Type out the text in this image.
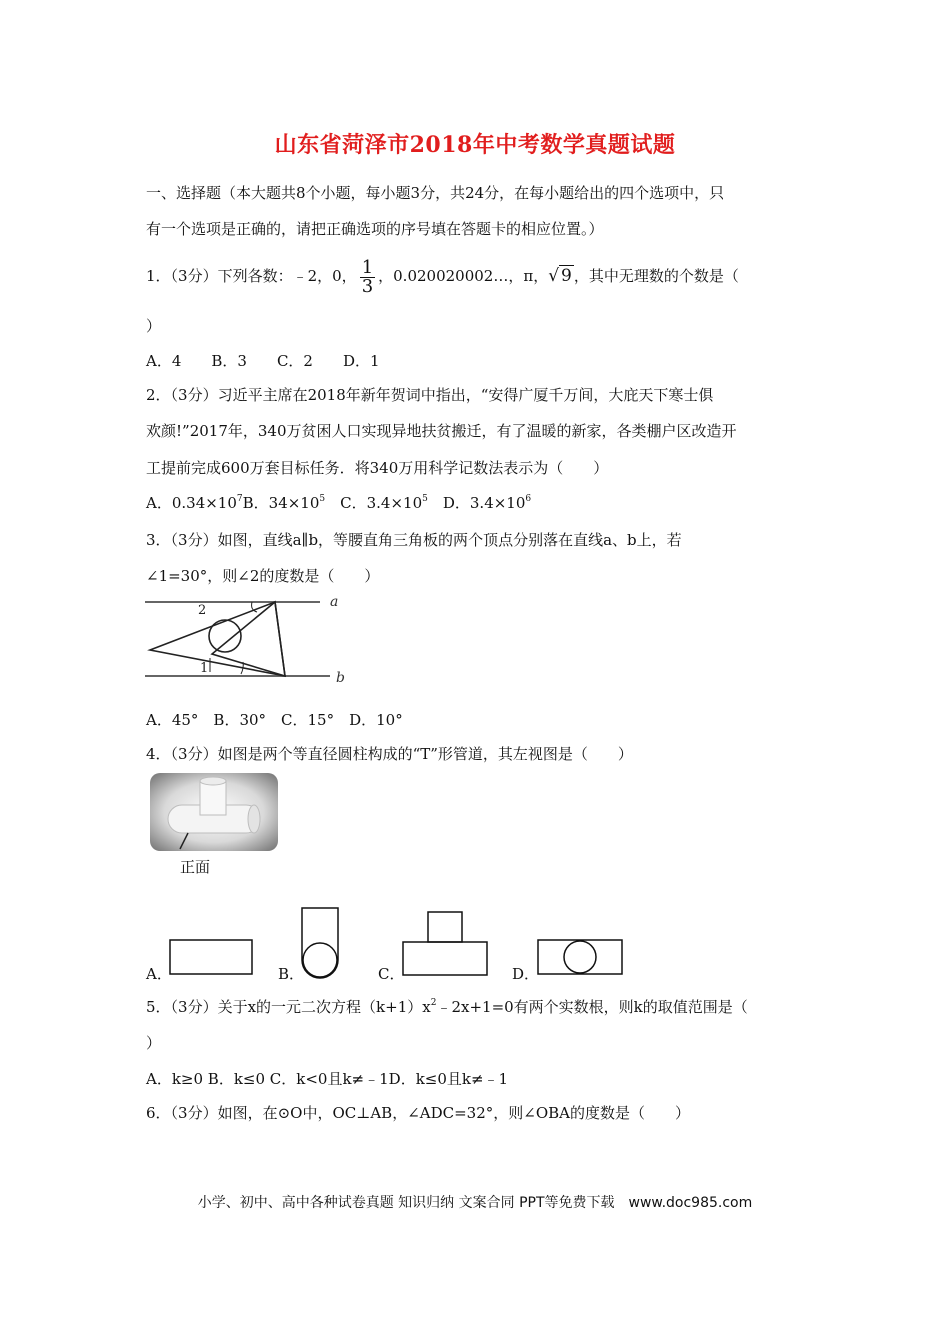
山东省菏泽市2018年中考数学真题试题
一、选择题（本大题共8个小题，每小题3分，共24分，在每小题给出的四个选项中，只
有一个选项是正确的，请把正确选项的序号填在答题卡的相应位置。）
1．（3分）下列各数：﹣2，0， $\frac{1}{3}$ ，0.020020002…，π，√ 9 ，其中无理数的个数是（
）
A．4　　B．3　　C．2　　D．1
2．（3分）习近平主席在2018年新年贺词中指出，“安得广厦千万间，大庇天下寒士俱
欢颜!”2017年，340万贫困人口实现异地扶贫搬迁，有了温暖的新家，各类棚户区改造开
工提前完成600万套目标任务．将340万用科学记数法表示为（　　）
A．$0.34\times 10^7B$．$34\times 10^5$　C．$3.4\times 10^5$　D．$3.4\times 10^6$
3．（3分）如图，直线a∥b，等腰直角三角板的两个顶点分别落在直线a、b上，若
∠1=30°，则∠2的度数是（　　）
a
b
2
1
A．45°　B．30°　C．15°　D．10°
4．（3分）如图是两个等直径圆柱构成的“T”形管道，其左视图是（　　）
正面
A．	B．	C．	D．
5．（3分）关于x的一元二次方程$(k+1)x^2﹣2x+1=0$有两个实数根，则k的取值范围是（
）
A．k≥0 B．k≤0 C．k<0且k≠﹣1D．k≤0且k≠﹣1
6．（3分）如图，在⊙O中，OC⊥AB，∠ADC=32°，则∠OBA的度数是（　　）
小学、初中、高中各种试卷真题 知识归纳 文案合同 PPT等免费下载　www.doc985.com
